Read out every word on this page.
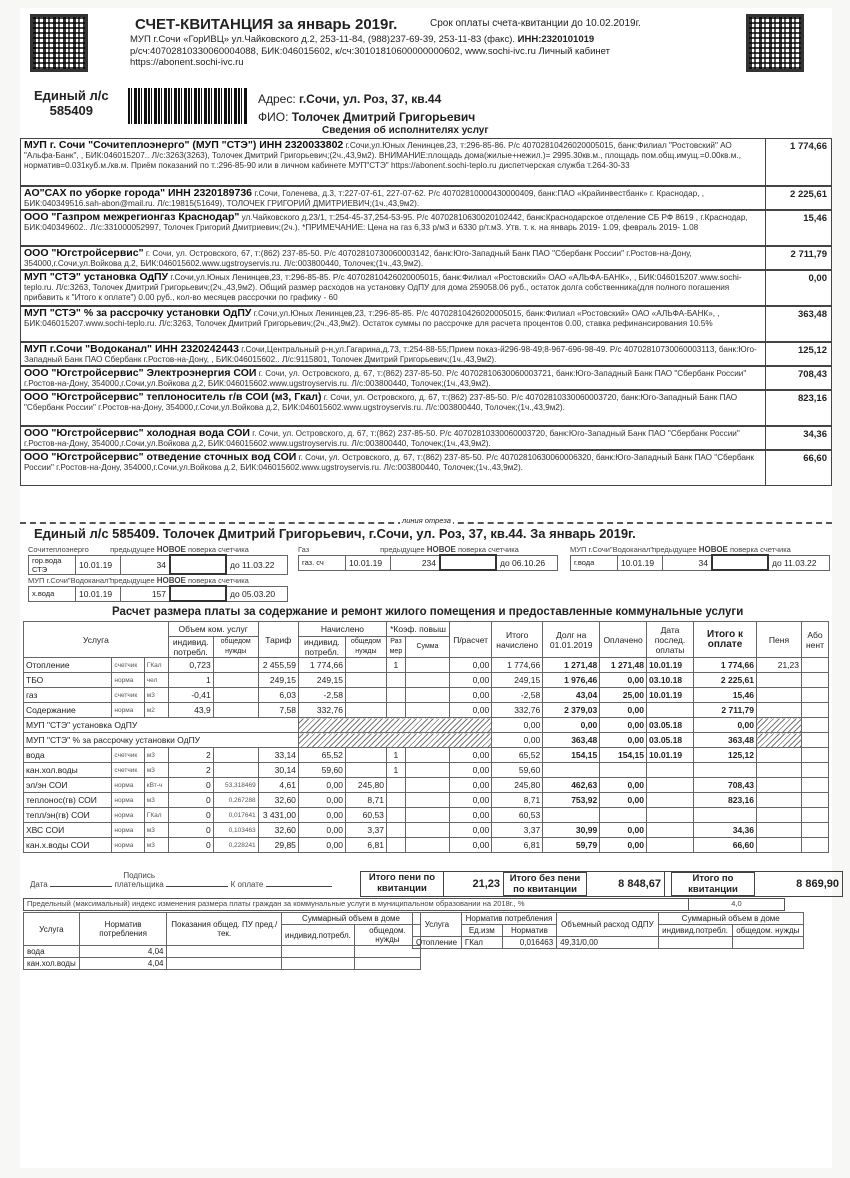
СЧЕТ-КВИТАНЦИЯ за январь 2019г.	Срок оплаты счета-квитанции до 10.02.2019г.
МУП г.Сочи «ГорИВЦ» ул.Чайковского д.2, 253-11-84, (988)237-69-39, 253-11-83 (факс). ИНН:2320101019
р/сч:40702810330060004088, БИК:046015602, к/сч:30101810600000000602, www.sochi-ivc.ru Личный кабинет
https://abonent.sochi-ivc.ru
Единый л/с
585409
Адрес: г.Сочи, ул. Роз, 37, кв.44
ФИО: Толочек Дмитрий Григорьевич
Сведения об исполнителях услуг
МУП г. Сочи "Сочитеплоэнерго" (МУП "СТЭ") ИНН 2320033802 г.Сочи,ул.Юных Ленинцев,23, т:296-85-86. Р/с 40702810426020005015, банк:Филиал "Ростовский" АО "Альфа-Банк", , БИК:046015207.. Л/с:3263(3263), Толочек Дмитрий Григорьевич;(2ч.,43,9м2). ВНИМАНИЕ:площадь дома(жилые+нежил.)= 2995.30кв.м., площадь пом.общ.имущ.=0.00кв.м., норматив=0.031куб.м./кв.м. Приём показаний по т.:296-85-90 или в личном кабинете МУП"СТЭ" https://abonent.sochi-teplo.ru диспетчерская служба т.264-30-33
1 774,66
АО"САХ по уборке города" ИНН 2320189736 г.Сочи, Голенева, д.3, т:227-07-61, 227-07-62. Р/с 40702810000430000409, банк:ПАО «Крайинвестбанк» г. Краснодар, , БИК:040349516.sah-abon@mail.ru. Л/с:19815(51649), ТОЛОЧЕК ГРИГОРИЙ ДМИТРИЕВИЧ;(1ч.,43,9м2).
2 225,61
ООО "Газпром межрегионгаз Краснодар" ул.Чайковского д.23/1, т:254-45-37,254-53-95. Р/с 40702810630020102442, банк:Краснодарское отделение СБ РФ 8619 , г.Краснодар, БИК:040349602.. Л/с:331000052997, Толочек Григорий Дмитриевич;(2ч.). *ПРИМЕЧАНИЕ: Цена на газ 6,33 р/м3 и 6330 р/т.м3. Утв. т. к. на январь 2019- 1.09, февраль 2019- 1.08
15,46
ООО "Югстройсервис" г. Сочи, ул. Островского, 67, т:(862) 237-85-50. Р/с 40702810730060003142, банк:Юго-Западный Банк ПАО "Сбербанк России" г.Ростов-на-Дону, 354000,г.Сочи,ул.Войкова д.2, БИК:046015602.www.ugstroyservis.ru. Л/с:003800440, Толочек;(1ч.,43,9м2).
2 711,79
МУП "СТЭ" установка ОдПУ г.Сочи,ул.Юных Ленинцев,23, т:296-85-85. Р/с 40702810426020005015, банк:Филиал «Ростовский» ОАО «АЛЬФА-БАНК», , БИК:046015207.www.sochi-teplo.ru. Л/с:3263, Толочек Дмитрий Григорьевич;(2ч.,43,9м2). Общий размер расходов на установку ОдПУ для дома 259058.06 руб., остаток долга собственника(для полного погашения прибавить к "Итого к оплате") 0.00 руб., кол-во месяцев рассрочки по графику - 60
0,00
МУП "СТЭ" % за рассрочку установки ОдПУ г.Сочи,ул.Юных Ленинцев,23, т:296-85-85. Р/с 40702810426020005015, банк:Филиал «Ростовский» ОАО «АЛЬФА-БАНК», , БИК:046015207.www.sochi-teplo.ru. Л/с:3263, Толочек Дмитрий Григорьевич;(2ч.,43,9м2). Остаток суммы по рассрочке для расчета процентов 0.00, ставка рефинансирования 10.5%
363,48
МУП г.Сочи "Водоканал" ИНН 2320242443 г.Сочи,Центральный р-н,ул.Гагарина,д.73, т:254-88-55;Прием показ-й296-98-49;8-967-696-98-49. Р/с 40702810730060003113, банк:Юго-Западный Банк ПАО Сбербанк г.Ростов-на-Дону, , БИК:046015602.. Л/с:9115801, Толочек Дмитрий Григорьевич;(1ч.,43,9м2).
125,12
ООО "Югстройсервис" Электроэнергия СОИ г. Сочи, ул. Островского, д. 67, т:(862) 237-85-50. Р/с 40702810630060003721, банк:Юго-Западный Банк ПАО "Сбербанк России" г.Ростов-на-Дону, 354000,г.Сочи,ул.Войкова д.2, БИК:046015602.www.ugstroyservis.ru. Л/с:003800440, Толочек;(1ч.,43,9м2).
708,43
ООО "Югстройсервис" теплоноситель г/в СОИ (м3, Гкал) г. Сочи, ул. Островского, д. 67, т:(862) 237-85-50. Р/с 40702810330060003720, банк:Юго-Западный Банк ПАО "Сбербанк России" г.Ростов-на-Дону, 354000,г.Сочи,ул.Войкова д.2, БИК:046015602.www.ugstroyservis.ru. Л/с:003800440, Толочек;(1ч.,43,9м2).
823,16
ООО "Югстройсервис" холодная вода СОИ г. Сочи, ул. Островского, д. 67, т:(862) 237-85-50. Р/с 40702810330060003720, банк:Юго-Западный Банк ПАО "Сбербанк России" г.Ростов-на-Дону, 354000,г.Сочи,ул.Войкова д.2, БИК:046015602.www.ugstroyservis.ru. Л/с:003800440, Толочек;(1ч.,43,9м2).
34,36
ООО "Югстройсервис" отведение сточных вод СОИ г. Сочи, ул. Островского, д. 67, т:(862) 237-85-50. Р/с 40702810630060006320, банк:Юго-Западный Банк ПАО "Сбербанк России" г.Ростов-на-Дону, 354000,г.Сочи,ул.Войкова д.2, БИК:046015602.www.ugstroyservis.ru. Л/с:003800440, Толочек;(1ч.,43,9м2).
66,60
линия отреза
Единый л/с 585409. Толочек Дмитрий Григорьевич, г.Сочи, ул. Роз, 37, кв.44. За январь 2019г.
Сочитеплоэнерго	предыдущее НОВОЕ поверка счетчика
гор.вода СТЭ	10.01.19	34		до 11.03.22
Газ	предыдущее НОВОЕ поверка счетчика
газ. сч	10.01.19	234		до 06.10.26
МУП г.Сочи"Водоканал" предыдущее НОВОЕ поверка счетчика
г.вода	10.01.19	34		до 11.03.22
МУП г.Сочи"Водоканал" предыдущее НОВОЕ поверка счетчика
х.вода	10.01.19	157		до 05.03.20
Расчет размера платы за содержание и ремонт жилого помещения и предоставленные коммунальные услуги
Услуга			Объем ком. услуг		Тариф	Начислено		*Коэф. повыш		П/расчет	Итого начислено	Долг на 01.01.2019	Оплачено	Дата послед. оплаты	Итого к оплате	Пеня	Або нент
			индивид. потребл.	общедом нужды		индивид. потребл.	общедом нужды	Раз мер	Сумма								
Отопление	счетчик	ГКал	0,723		2 455,59	1 774,66		1		0,00	1 774,66	1 271,48	1 271,48	10.01.19	1 774,66	21,23	
ТБО	норма	чел	1		249,15	249,15				0,00	249,15	1 976,46	0,00	03.10.18	2 225,61		
газ	счетчик	м3	-0,41		6,03	-2,58				0,00	-2,58	43,04	25,00	10.01.19	15,46		
Содержание	норма	м2	43,9		7,58	332,76				0,00	332,76	2 379,03	0,00		2 711,79		
МУП "СТЭ" установка ОдПУ											0,00	0,00	0,00	03.05.18	0,00		
МУП "СТЭ" % за рассрочку установки ОдПУ											0,00	363,48	0,00	03.05.18	363,48		
вода	счетчик	м3	2		33,14	65,52		1		0,00	65,52	154,15	154,15	10.01.19	125,12		
кан.хол.воды	счетчик	м3	2		30,14	59,60		1		0,00	59,60						
эл/эн СОИ	норма	кВт-ч	0	53,318469	4,61	0,00	245,80			0,00	245,80	462,63	0,00		708,43		
теплонос(гв) СОИ	норма	м3	0	0,267288	32,60	0,00	8,71			0,00	8,71	753,92	0,00		823,16		
тепл/эн(гв) СОИ	норма	ГКал	0	0,017641	3 431,00	0,00	60,53			0,00	60,53						
ХВС СОИ	норма	м3	0	0,103463	32,60	0,00	3,37			0,00	3,37	30,99	0,00		34,36		
кан.х.воды СОИ	норма	м3	0	0,228241	29,85	0,00	6,81			0,00	6,81	59,79	0,00		66,60		
Дата  Подпись плательщика	К оплате
Итого пени по квитанции	21,23	Итого без пени по квитанции	8 848,67	Итого по квитанции	8 869,90
Предельный (максимальный) индекс изменения размера платы граждан за коммунальные услуги в муниципальном образовании на 2018г., %	4,0
Услуга	Норматив потребления	Показания общед. ПУ пред./тек.	Суммарный объем в доме	
			индивид.потребл.	общедом. нужды
вода	4,04			
кан.хол.воды	4,04			
Услуга	Норматив потребления		Объемный расход ОДПУ	Суммарный объем в доме	
	Ед.изм	Норматив		индивид.потребл.	общедом. нужды
Отопление	ГКал	0,016463	49,31/0,00		
